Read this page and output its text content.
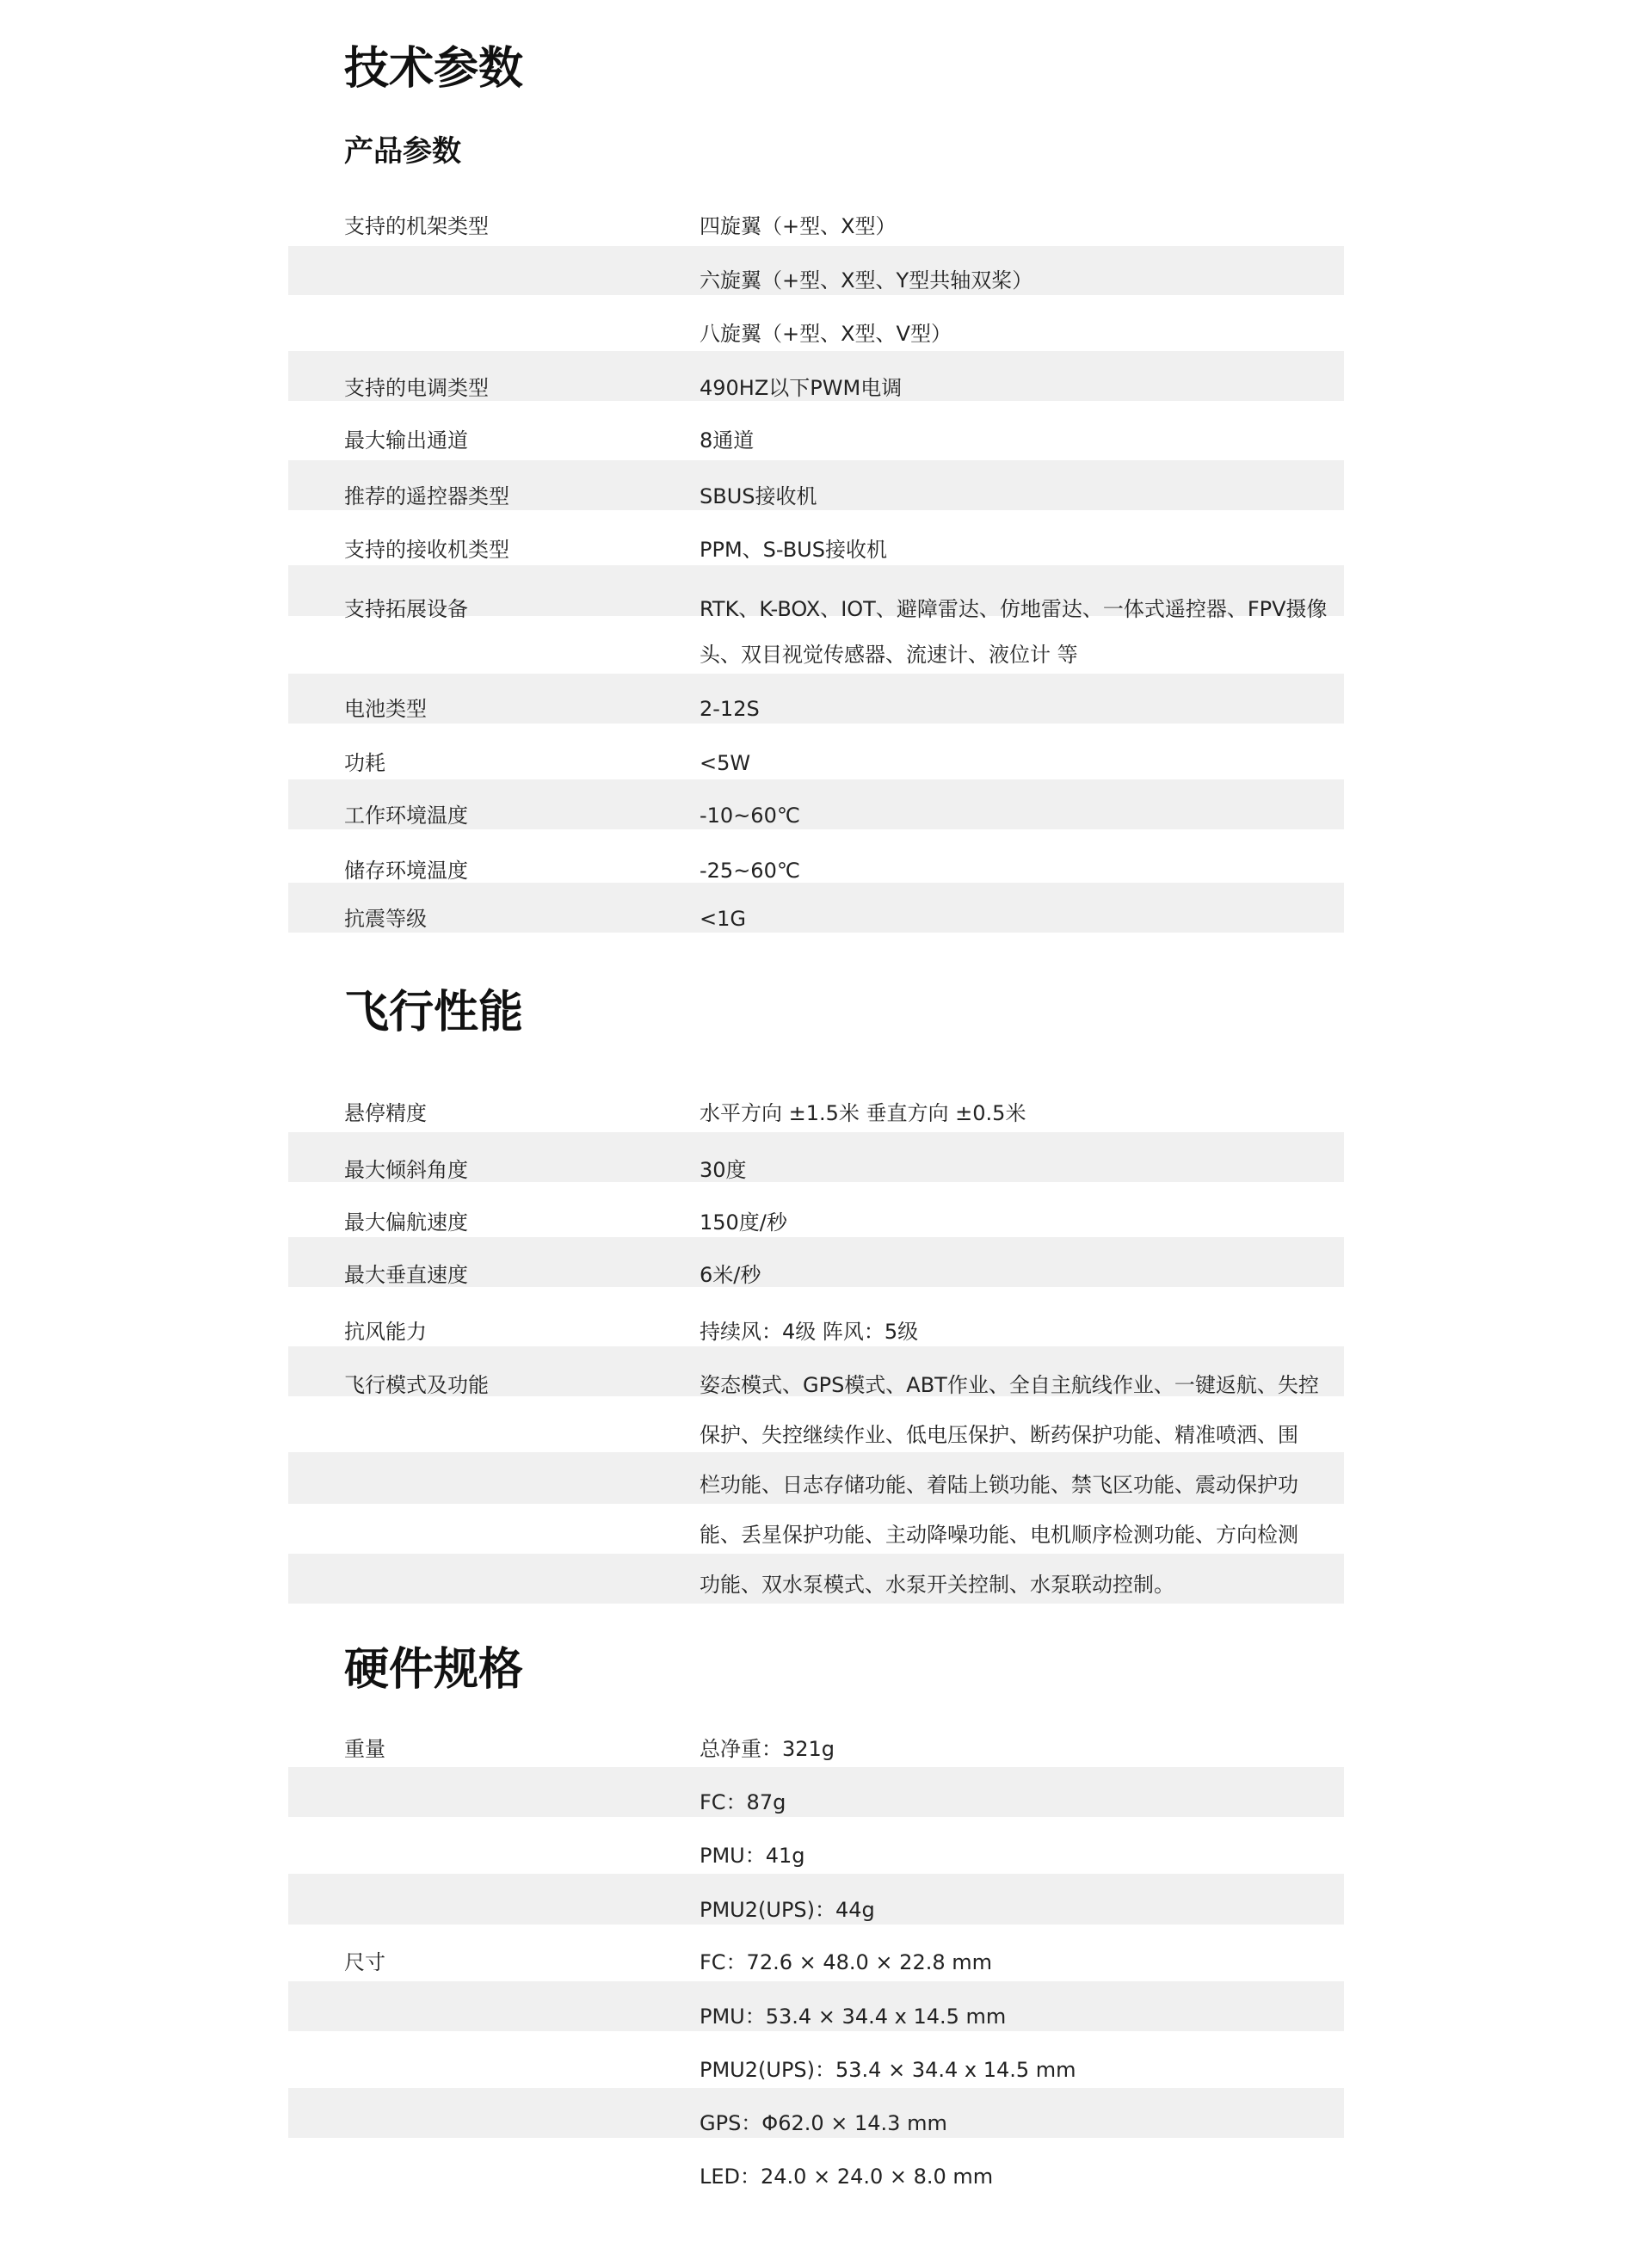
技术参数
产品参数
飞行性能
硬件规格
支持的机架类型	四旋翼（+型、X型）
六旋翼（+型、X型、Y型共轴双桨）
八旋翼（+型、X型、V型）
支持的电调类型	490HZ以下PWM电调
最大输出通道	8通道
推荐的遥控器类型	SBUS接收机
支持的接收机类型	PPM、S-BUS接收机
支持拓展设备	RTK、K-BOX、IOT、避障雷达、仿地雷达、一体式遥控器、FPV摄像
头、双目视觉传感器、流速计、液位计 等
电池类型	2-12S
功耗	<5W
工作环境温度	-10~60℃
储存环境温度	-25~60℃
抗震等级	<1G
悬停精度	水平方向 ±1.5米 垂直方向 ±0.5米
最大倾斜角度	30度
最大偏航速度	150度/秒
最大垂直速度	6米/秒
抗风能力	持续风：4级 阵风：5级
飞行模式及功能	姿态模式、GPS模式、ABT作业、全自主航线作业、一键返航、失控
保护、失控继续作业、低电压保护、断药保护功能、精准喷洒、围
栏功能、日志存储功能、着陆上锁功能、禁飞区功能、震动保护功
能、丢星保护功能、主动降噪功能、电机顺序检测功能、方向检测
功能、双水泵模式、水泵开关控制、水泵联动控制。
重量	总净重：321g
FC：87g
PMU：41g
PMU2(UPS)：44g
尺寸	FC：72.6 × 48.0 × 22.8 mm
PMU：53.4 × 34.4 x 14.5 mm
PMU2(UPS)：53.4 × 34.4 x 14.5 mm
GPS：Φ62.0 × 14.3 mm
LED：24.0 × 24.0 × 8.0 mm
